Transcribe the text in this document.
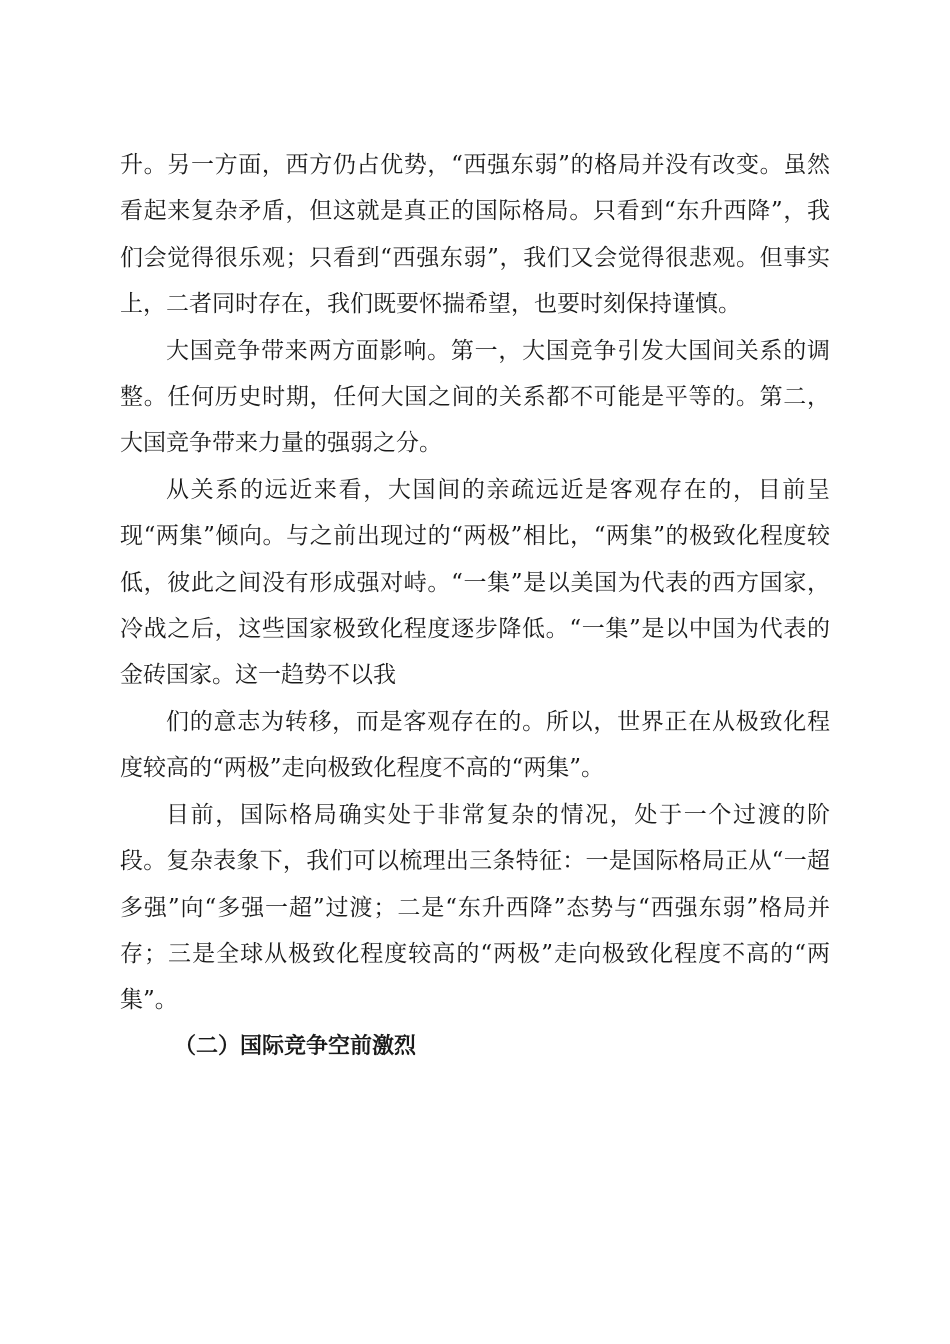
升。另一方面，西方仍占优势，“西强东弱”的格局并没有改变。虽然看起来复杂矛盾，但这就是真正的国际格局。只看到“东升西降”，我们会觉得很乐观；只看到“西强东弱”，我们又会觉得很悲观。但事实上，二者同时存在，我们既要怀揣希望，也要时刻保持谨慎。

大国竞争带来两方面影响。第一，大国竞争引发大国间关系的调整。任何历史时期，任何大国之间的关系都不可能是平等的。第二，大国竞争带来力量的强弱之分。

从关系的远近来看，大国间的亲疏远近是客观存在的，目前呈现“两集”倾向。与之前出现过的“两极”相比，“两集”的极致化程度较低，彼此之间没有形成强对峙。“一集”是以美国为代表的西方国家，冷战之后，这些国家极致化程度逐步降低。“一集”是以中国为代表的金砖国家。这一趋势不以我

们的意志为转移，而是客观存在的。所以，世界正在从极致化程度较高的“两极”走向极致化程度不高的“两集”。

目前，国际格局确实处于非常复杂的情况，处于一个过渡的阶段。复杂表象下，我们可以梳理出三条特征：一是国际格局正从“一超多强”向“多强一超”过渡；二是“东升西降”态势与“西强东弱”格局并存；三是全球从极致化程度较高的“两极”走向极致化程度不高的“两集”。

（二）国际竞争空前激烈
